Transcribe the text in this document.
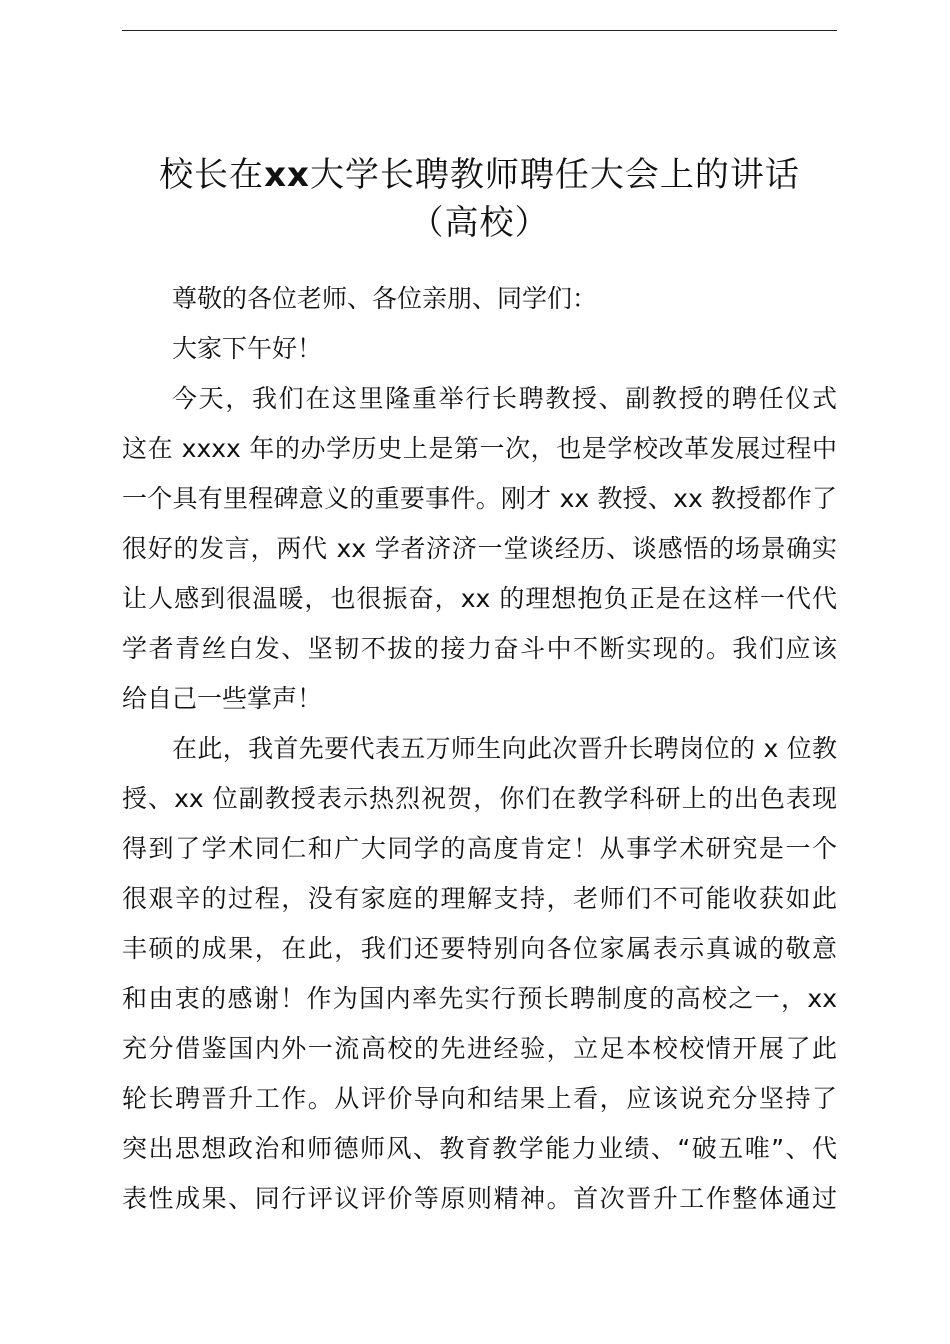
校长在xx大学长聘教师聘任大会上的讲话
（高校）
尊敬的各位老师、各位亲朋、同学们：
大家下午好！
今天，我们在这里隆重举行长聘教授、副教授的聘任仪式
这在 xxxx 年的办学历史上是第一次，也是学校改革发展过程中
一个具有里程碑意义的重要事件。刚才 xx 教授、xx 教授都作了
很好的发言，两代 xx 学者济济一堂谈经历、谈感悟的场景确实
让人感到很温暖，也很振奋，xx 的理想抱负正是在这样一代代
学者青丝白发、坚韧不拔的接力奋斗中不断实现的。我们应该
给自己一些掌声！
在此，我首先要代表五万师生向此次晋升长聘岗位的 x 位教
授、xx 位副教授表示热烈祝贺，你们在教学科研上的出色表现
得到了学术同仁和广大同学的高度肯定！从事学术研究是一个
很艰辛的过程，没有家庭的理解支持，老师们不可能收获如此
丰硕的成果，在此，我们还要特别向各位家属表示真诚的敬意
和由衷的感谢！作为国内率先实行预长聘制度的高校之一，xx
充分借鉴国内外一流高校的先进经验，立足本校校情开展了此
轮长聘晋升工作。从评价导向和结果上看，应该说充分坚持了
突出思想政治和师德师风、教育教学能力业绩、“破五唯”、代
表性成果、同行评议评价等原则精神。首次晋升工作整体通过
